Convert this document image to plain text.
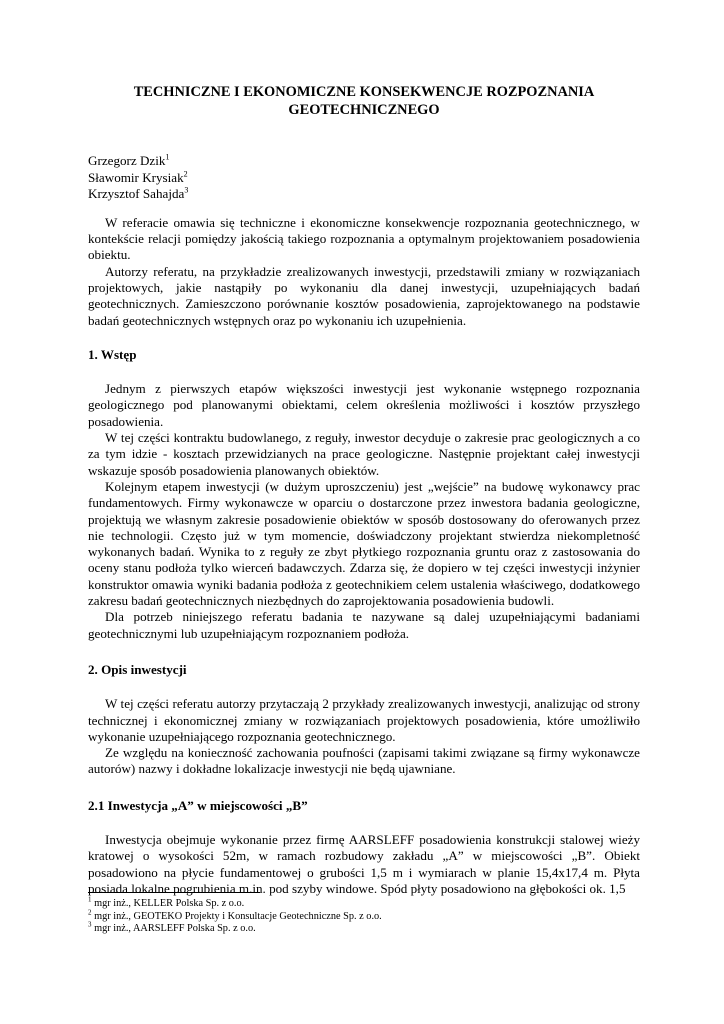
TECHNICZNE I EKONOMICZNE KONSEKWENCJE ROZPOZNANIA GEOTECHNICZNEGO
Grzegorz Dzik$^1$
Sławomir Krysiak$^2$
Krzysztof Sahajda$^3$

W referacie omawia się techniczne i ekonomiczne konsekwencje rozpoznania geotechnicznego, w kontekście relacji pomiędzy jakością takiego rozpoznania a optymalnym projektowaniem posadowienia obiektu.

Autorzy referatu, na przykładzie zrealizowanych inwestycji, przedstawili zmiany w rozwiązaniach projektowych, jakie nastąpiły po wykonaniu dla danej inwestycji, uzupełniających badań geotechnicznych. Zamieszczono porównanie kosztów posadowienia, zaprojektowanego na podstawie badań geotechnicznych wstępnych oraz po wykonaniu ich uzupełnienia.

1. Wstęp

Jednym z pierwszych etapów większości inwestycji jest wykonanie wstępnego rozpoznania geologicznego pod planowanymi obiektami, celem określenia możliwości i kosztów przyszłego posadowienia.

W tej części kontraktu budowlanego, z reguły, inwestor decyduje o zakresie prac geologicznych a co za tym idzie - kosztach przewidzianych na prace geologiczne. Następnie projektant całej inwestycji wskazuje sposób posadowienia planowanych obiektów.

Kolejnym etapem inwestycji (w dużym uproszczeniu) jest „wejście” na budowę wykonawcy prac fundamentowych. Firmy wykonawcze w oparciu o dostarczone przez inwestora badania geologiczne, projektują we własnym zakresie posadowienie obiektów w sposób dostosowany do oferowanych przez nie technologii. Często już w tym momencie, doświadczony projektant stwierdza niekompletność wykonanych badań. Wynika to z reguły ze zbyt płytkiego rozpoznania gruntu oraz z zastosowania do oceny stanu podłoża tylko wierceń badawczych. Zdarza się, że dopiero w tej części inwestycji inżynier konstruktor omawia wyniki badania podłoża z geotechnikiem celem ustalenia właściwego, dodatkowego zakresu badań geotechnicznych niezbędnych do zaprojektowania posadowienia budowli.

Dla potrzeb niniejszego referatu badania te nazywane są dalej uzupełniającymi badaniami geotechnicznymi lub uzupełniającym rozpoznaniem podłoża.

2. Opis inwestycji

W tej części referatu autorzy przytaczają 2 przykłady zrealizowanych inwestycji, analizując od strony technicznej i ekonomicznej zmiany w rozwiązaniach projektowych posadowienia, które umożliwiło wykonanie uzupełniającego rozpoznania geotechnicznego.

Ze względu na konieczność zachowania poufności (zapisami takimi związane są firmy wykonawcze autorów) nazwy i dokładne lokalizacje inwestycji nie będą ujawniane.

2.1 Inwestycja „A” w miejscowości „B”

Inwestycja obejmuje wykonanie przez firmę AARSLEFF posadowienia konstrukcji stalowej wieży kratowej o wysokości 52m, w ramach rozbudowy zakładu „A” w miejscowości „B”. Obiekt posadowiono na płycie fundamentowej o grubości 1,5 m i wymiarach w planie 15,4x17,4 m. Płyta posiada lokalne pogrubienia m.in. pod szyby windowe. Spód płyty posadowiono na głębokości ok. 1,5

$^1$ mgr inż., KELLER Polska Sp. z o.o.
$^2$ mgr inż., GEOTEKO Projekty i Konsultacje Geotechniczne Sp. z o.o.
$^3$ mgr inż., AARSLEFF Polska Sp. z o.o.
